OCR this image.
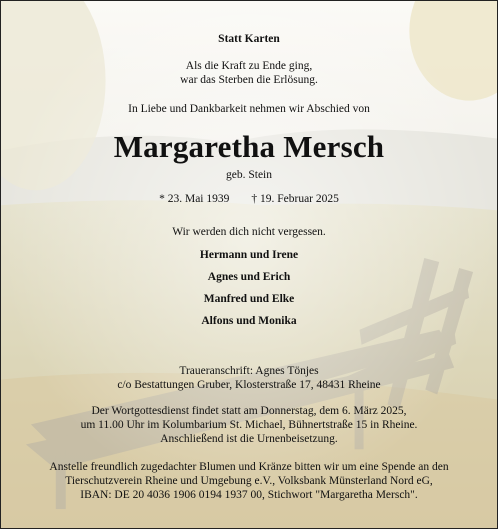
Statt Karten
Als die Kraft zu Ende ging,
war das Sterben die Erlösung.
In Liebe und Dankbarkeit nehmen wir Abschied von
Margaretha Mersch
geb. Stein
* 23. Mai 1939 † 19. Februar 2025
Wir werden dich nicht vergessen.
Hermann und Irene
Agnes und Erich
Manfred und Elke
Alfons und Monika
Traueranschrift: Agnes Tönjes
c/o Bestattungen Gruber, Klosterstraße 17, 48431 Rheine
Der Wortgottesdienst findet statt am Donnerstag, dem 6. März 2025,
um 11.00 Uhr im Kolumbarium St. Michael, Bühnertstraße 15 in Rheine.
Anschließend ist die Urnenbeisetzung.
Anstelle freundlich zugedachter Blumen und Kränze bitten wir um eine Spende an den
Tierschutzverein Rheine und Umgebung e.V., Volksbank Münsterland Nord eG,
IBAN: DE 20 4036 1906 0194 1937 00, Stichwort "Margaretha Mersch".
